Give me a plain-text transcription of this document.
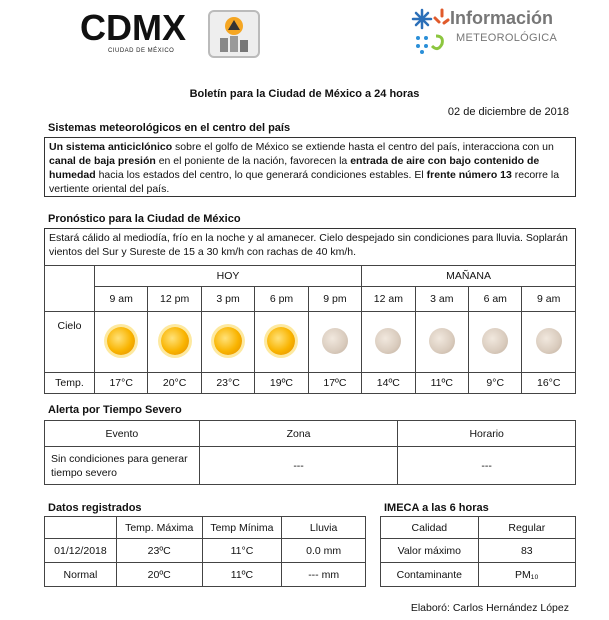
CDMX
CIUDAD DE MÉXICO
Información
METEOROLÓGICA
Boletín para la Ciudad de México a 24 horas
02 de diciembre de 2018
Sistemas meteorológicos en el centro del país
Un sistema anticiclónico sobre el golfo de México se extiende hasta el centro del país, interacciona con un canal de baja presión en el poniente de la nación, favorecen la entrada de aire con bajo contenido de humedad hacia los estados del centro, lo que generará condiciones estables. El frente número 13 recorre la vertiente oriental del país.
Pronóstico para la Ciudad de México
Estará cálido al mediodía, frío en la noche y al amanecer. Cielo despejado sin condiciones para lluvia. Soplarán vientos del Sur y Sureste de 15 a 30 km/h con rachas de 40 km/h.
	HOY					MAÑANA			
	9 am	12 pm	3 pm	6 pm	9 pm	12 am	3 am	6 am	9 am
Cielo									
Temp.	17°C	20°C	23°C	19ºC	17ºC	14ºC	11ºC	9°C	16°C
Alerta por Tiempo Severo
Evento	Zona	Horario
Sin condiciones para generar tiempo severo	---	---
Datos registrados
	Temp. Máxima	Temp Mínima	Lluvia
01/12/2018	23ºC	11°C	0.0 mm
Normal	20ºC	11ºC	--- mm
IMECA a las 6 horas
Calidad	Regular
Valor máximo	83
Contaminante	PM₁₀
Elaboró: Carlos Hernández López
